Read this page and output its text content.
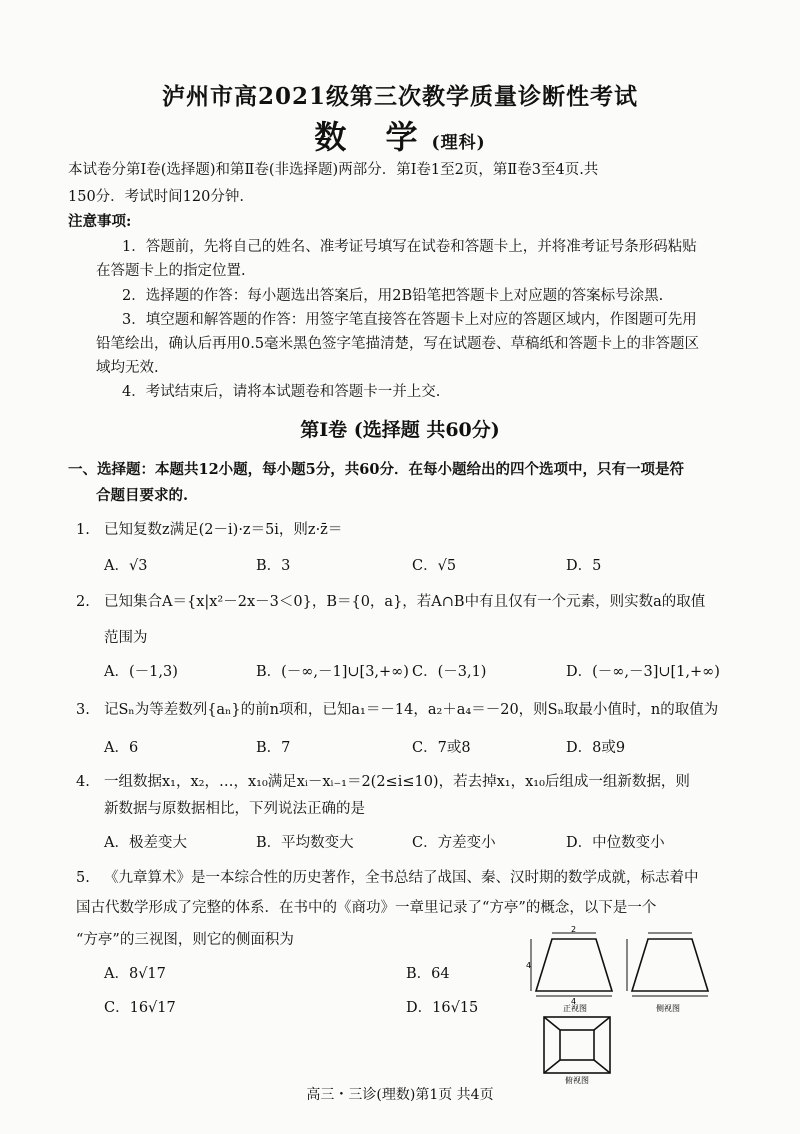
泸州市高2021级第三次教学质量诊断性考试
数 学(理科)
本试卷分第Ⅰ卷(选择题)和第Ⅱ卷(非选择题)两部分．第Ⅰ卷1至2页，第Ⅱ卷3至4页.共
150分．考试时间120分钟.
注意事项:
1．答题前，先将自己的姓名、准考证号填写在试卷和答题卡上，并将准考证号条形码粘贴
在答题卡上的指定位置.
2．选择题的作答：每小题选出答案后，用2B铅笔把答题卡上对应题的答案标号涂黑.
3．填空题和解答题的作答：用签字笔直接答在答题卡上对应的答题区域内，作图题可先用
铅笔绘出，确认后再用0.5毫米黑色签字笔描清楚，写在试题卷、草稿纸和答题卡上的非答题区
域均无效.
4．考试结束后，请将本试题卷和答题卡一并上交.
第Ⅰ卷 (选择题 共60分)
一、选择题：本题共12小题，每小题5分，共60分．在每小题给出的四个选项中，只有一项是符
合题目要求的.
1. 已知复数z满足(2－i)·z＝5i，则z·z̄＝
A．√3	B．3	C．√5	D．5
2. 已知集合A＝{x|x²－2x－3＜0}，B＝{0，a}，若A∩B中有且仅有一个元素，则实数a的取值
范围为
A．(－1,3)	B．(－∞,－1]∪[3,+∞) C．(－3,1)	D．(－∞,－3]∪[1,+∞)
3. 记Sₙ为等差数列{aₙ}的前n项和，已知a₁＝－14，a₂＋a₄＝－20，则Sₙ取最小值时，n的取值为
A．6	B．7	C．7或8	D．8或9
4. 一组数据x₁，x₂，…，x₁₀满足xᵢ－xᵢ₋₁＝2(2≤i≤10)，若去掉x₁，x₁₀后组成一组新数据，则
新数据与原数据相比，下列说法正确的是
A．极差变大	B．平均数变大	C．方差变小	D．中位数变小
5. 《九章算术》是一本综合性的历史著作，全书总结了战国、秦、汉时期的数学成就，标志着中
国古代数学形成了完整的体系．在书中的《商功》一章里记录了“方亭”的概念，以下是一个
“方亭”的三视图，则它的侧面积为
A．8√17	B．64
C．16√17	D．16√15
2
4
4
正视图	侧视图
俯视图
高三・三诊(理数)第1页 共4页
